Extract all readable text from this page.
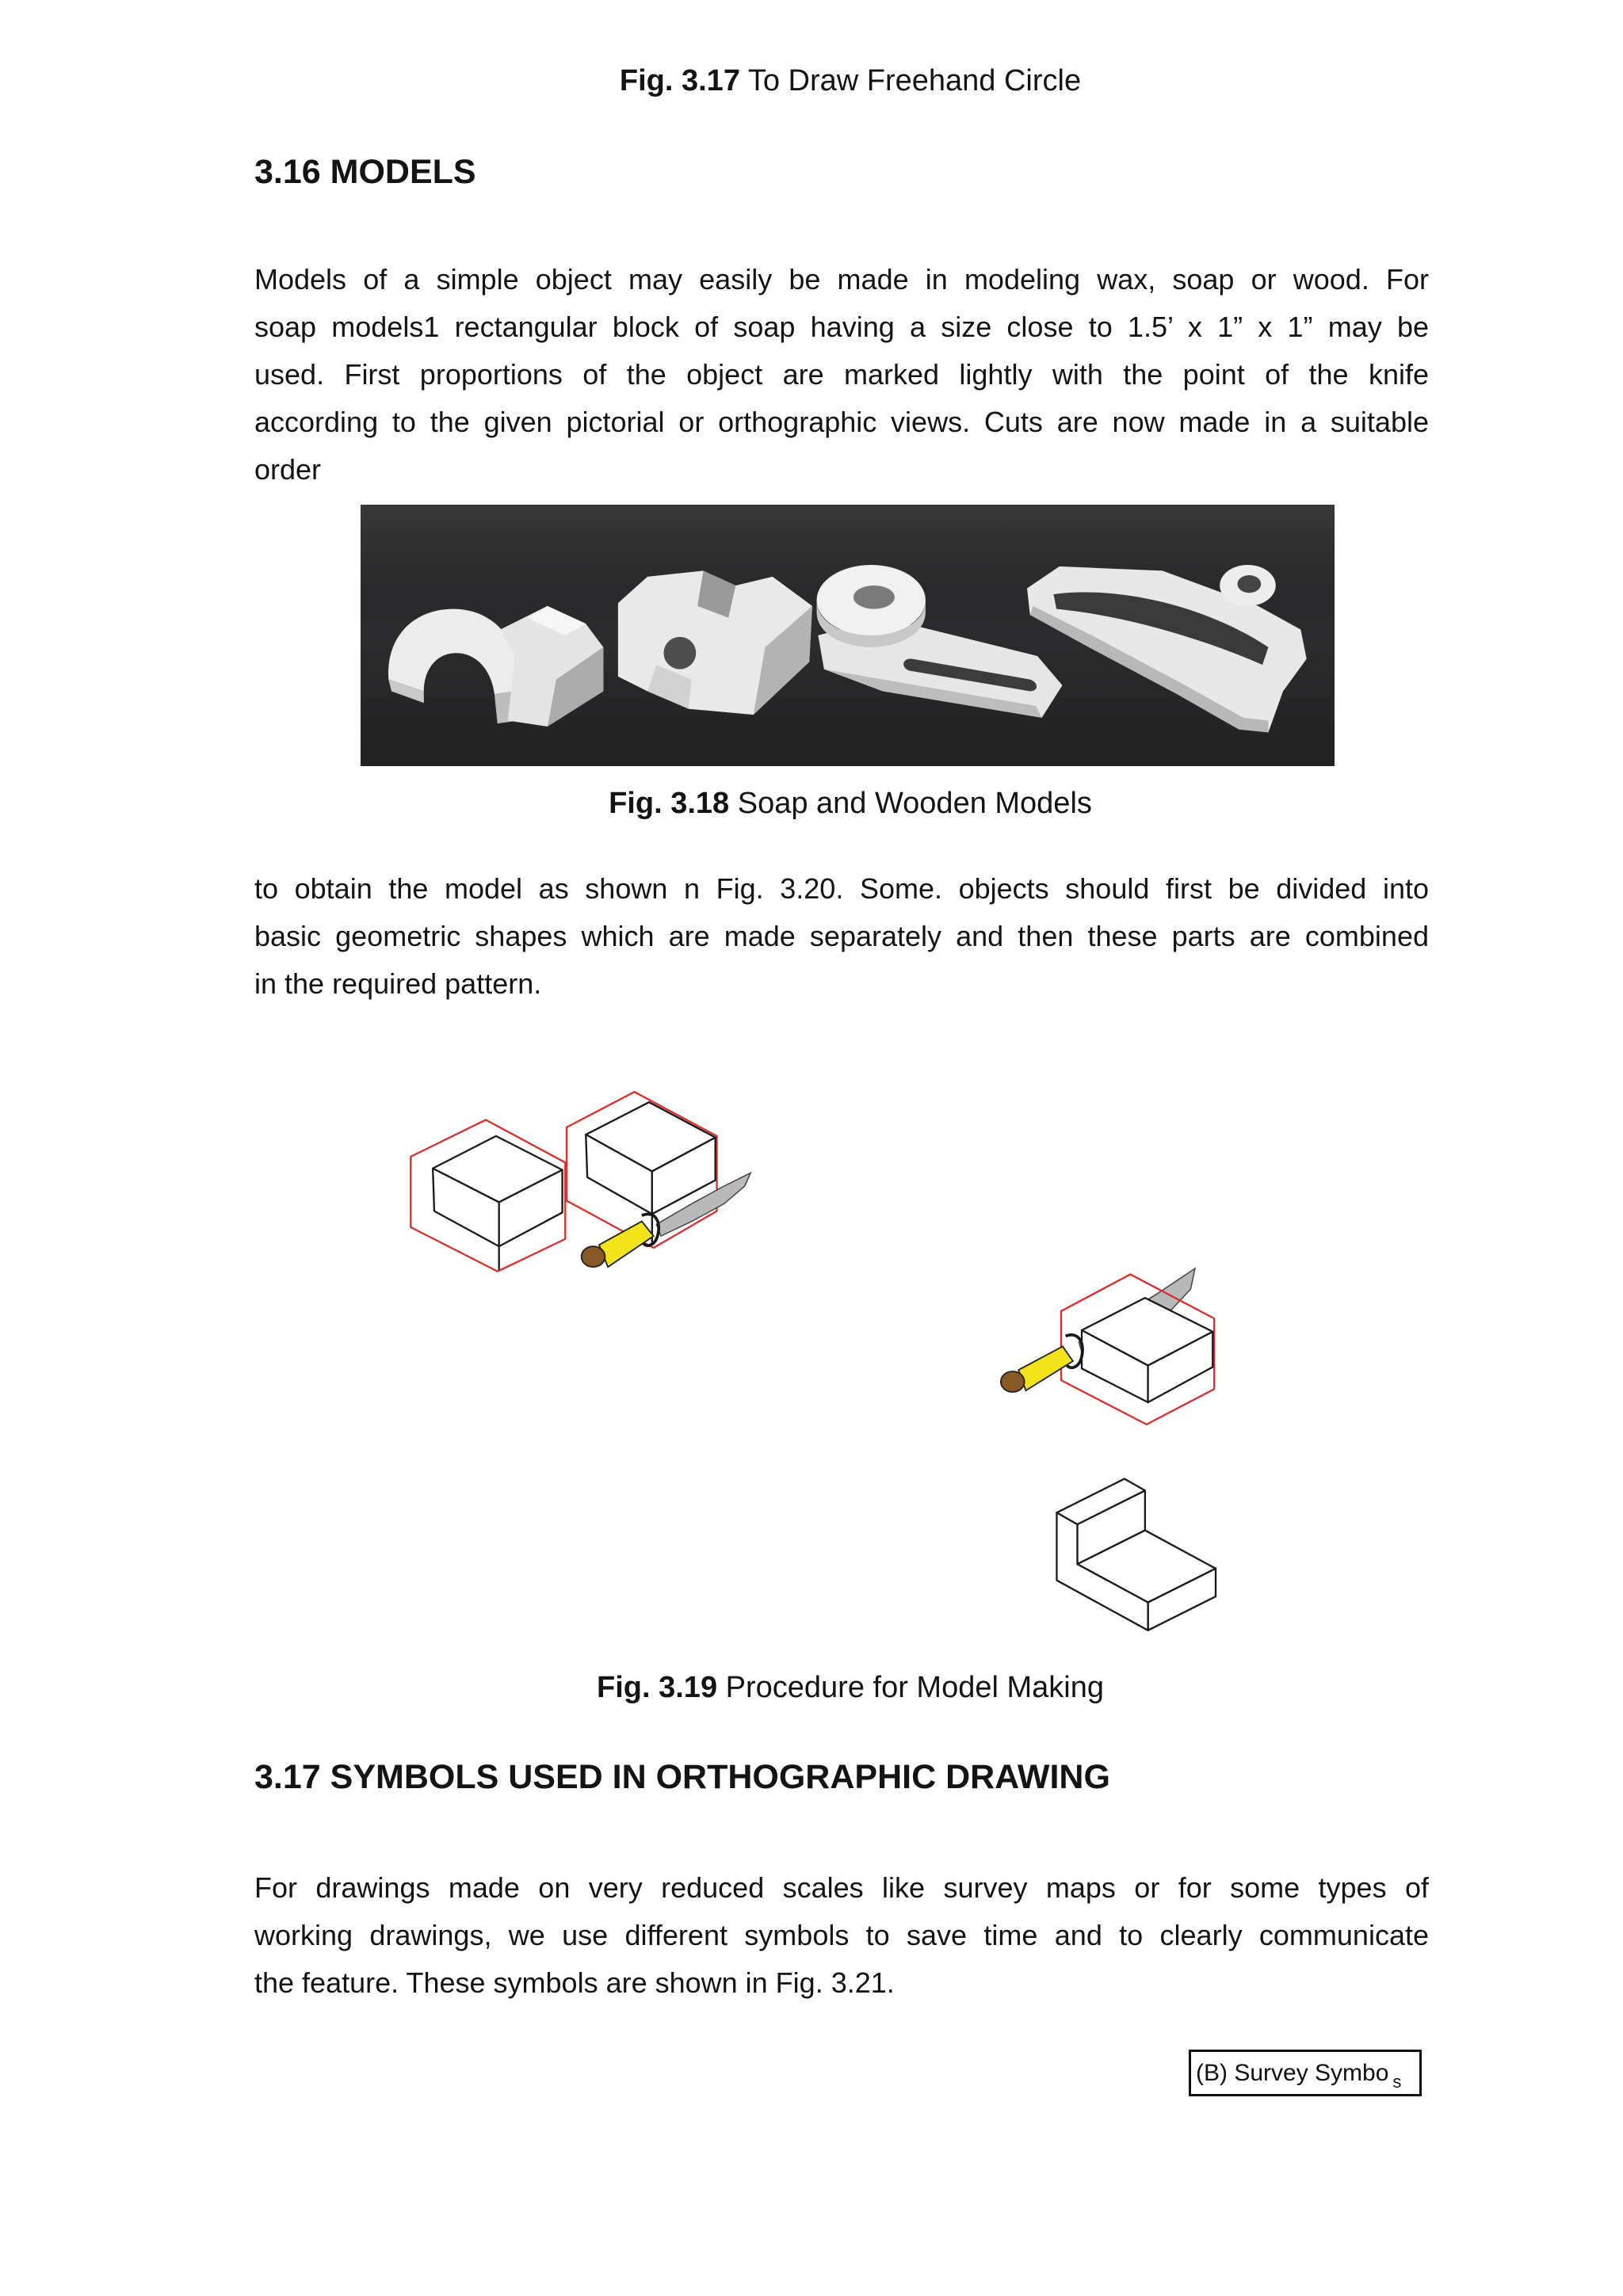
Fig. 3.17 To Draw Freehand Circle
3.16 MODELS
Models of a simple object may easily be made in modeling wax, soap or wood. For
soap models1 rectangular block of soap having a size close to 1.5’ x 1” x 1” may be
used. First proportions of the object are marked lightly with the point of the knife
according to the given pictorial or orthographic views. Cuts are now made in a suitable
order
Fig. 3.18 Soap and Wooden Models
to obtain the model as shown n Fig. 3.20. Some. objects should first be divided into
basic geometric shapes which are made separately and then these parts are combined
in the required pattern.
Fig. 3.19 Procedure for Model Making
3.17 SYMBOLS USED IN ORTHOGRAPHIC DRAWING
For drawings made on very reduced scales like survey maps or for some types of
working drawings, we use different symbols to save time and to clearly communicate
the feature. These symbols are shown in Fig. 3.21.
(B) Survey Symbo $_s$
